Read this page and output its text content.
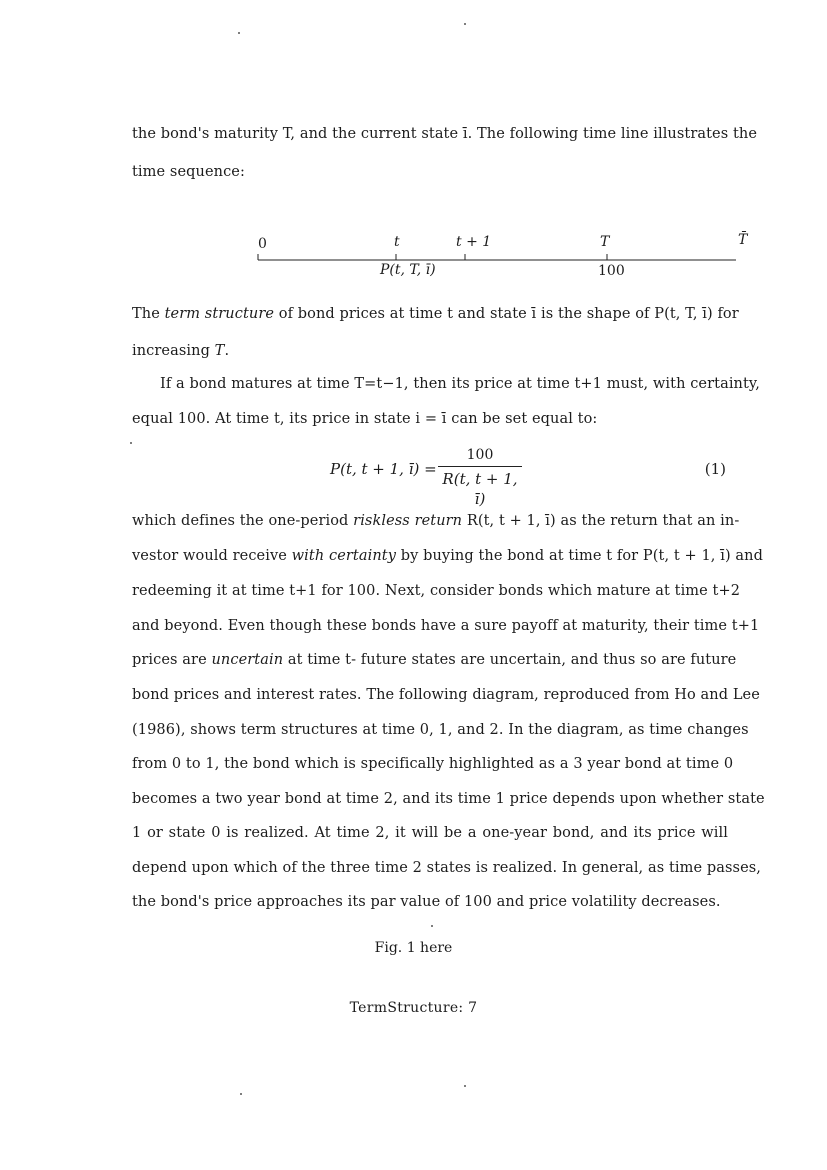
the bond's maturity T, and the current state ī. The following time line illustrates the
time sequence:
0	t	t + 1	T	T̄
P(t, T, ī)	100
The term structure of bond prices at time t and state ī is the shape of P(t, T, ī) for
increasing T.
If a bond matures at time T=t−1, then its price at time t+1 must, with certainty,
equal 100. At time t, its price in state i = ī can be set equal to:
P(t, t + 1, ī) =
100
R(t, t + 1, ī)
(1)
which defines the one-period riskless return R(t, t + 1, ī) as the return that an in-
vestor would receive with certainty by buying the bond at time t for P(t, t + 1, ī) and
redeeming it at time t+1 for 100. Next, consider bonds which mature at time t+2
and beyond. Even though these bonds have a sure payoff at maturity, their time t+1
prices are uncertain at time t- future states are uncertain, and thus so are future
bond prices and interest rates. The following diagram, reproduced from Ho and Lee
(1986), shows term structures at time 0, 1, and 2. In the diagram, as time changes
from 0 to 1, the bond which is specifically highlighted as a 3 year bond at time 0
becomes a two year bond at time 2, and its time 1 price depends upon whether state
1 or state 0 is realized. At time 2, it will be a one-year bond, and its price will
depend upon which of the three time 2 states is realized. In general, as time passes,
the bond's price approaches its par value of 100 and price volatility decreases.
Fig. 1 here
TermStructure: 7
